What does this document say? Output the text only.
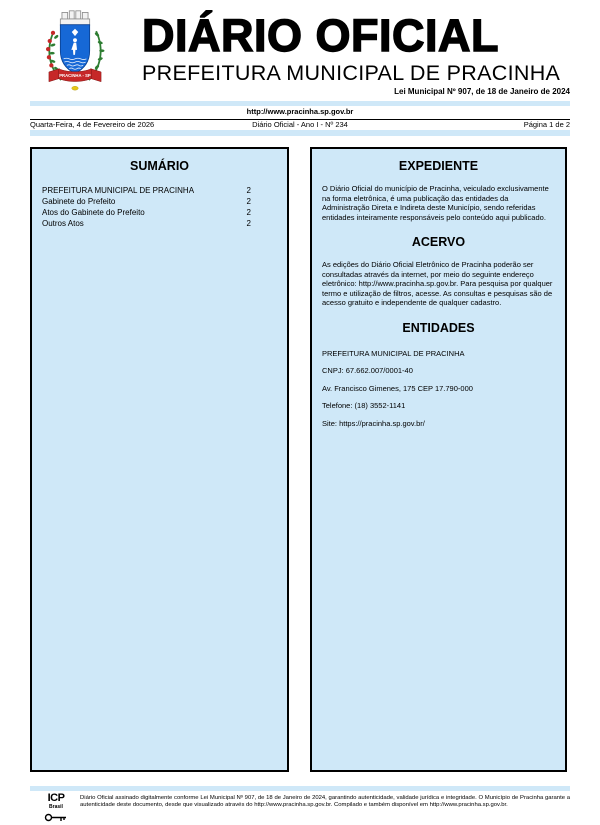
PRACINHA - SP
DIÁRIO OFICIAL
PREFEITURA MUNICIPAL DE PRACINHA
Lei Municipal Nº 907, de 18 de Janeiro de 2024
http://www.pracinha.sp.gov.br
Quarta-Feira, 4 de Fevereiro de 2026	Diário Oficial - Ano I - Nº 234	Página 1 de 2
SUMÁRIO
PREFEITURA MUNICIPAL DE PRACINHA	2
Gabinete do Prefeito	2
Atos do Gabinete do Prefeito	2
Outros Atos	2
EXPEDIENTE
O Diário Oficial do município de Pracinha, veiculado exclusivamente na forma eletrônica, é uma publicação das entidades da Administração Direta e Indireta deste Município, sendo referidas entidades inteiramente responsáveis pelo conteúdo aqui publicado.
ACERVO
As edições do Diário Oficial Eletrônico de Pracinha poderão ser consultadas através da internet, por meio do seguinte endereço eletrônico: http://www.pracinha.sp.gov.br. Para pesquisa por qualquer termo e utilização de filtros, acesse. As consultas e pesquisas são de acesso gratuito e independente de qualquer cadastro.
ENTIDADES
PREFEITURA MUNICIPAL DE PRACINHA
CNPJ: 67.662.007/0001-40
Av. Francisco Gimenes, 175 CEP 17.790-000
Telefone: (18) 3552-1141
Site: https://pracinha.sp.gov.br/
ICP
Brasil
Diário Oficial assinado digitalmente conforme Lei Municipal Nº 907, de 18 de Janeiro de 2024, garantindo autenticidade, validade jurídica e integridade. O Município de Pracinha garante a autenticidade deste documento, desde que visualizado através do http://www.pracinha.sp.gov.br. Compilado e também disponível em http://www.pracinha.sp.gov.br.
